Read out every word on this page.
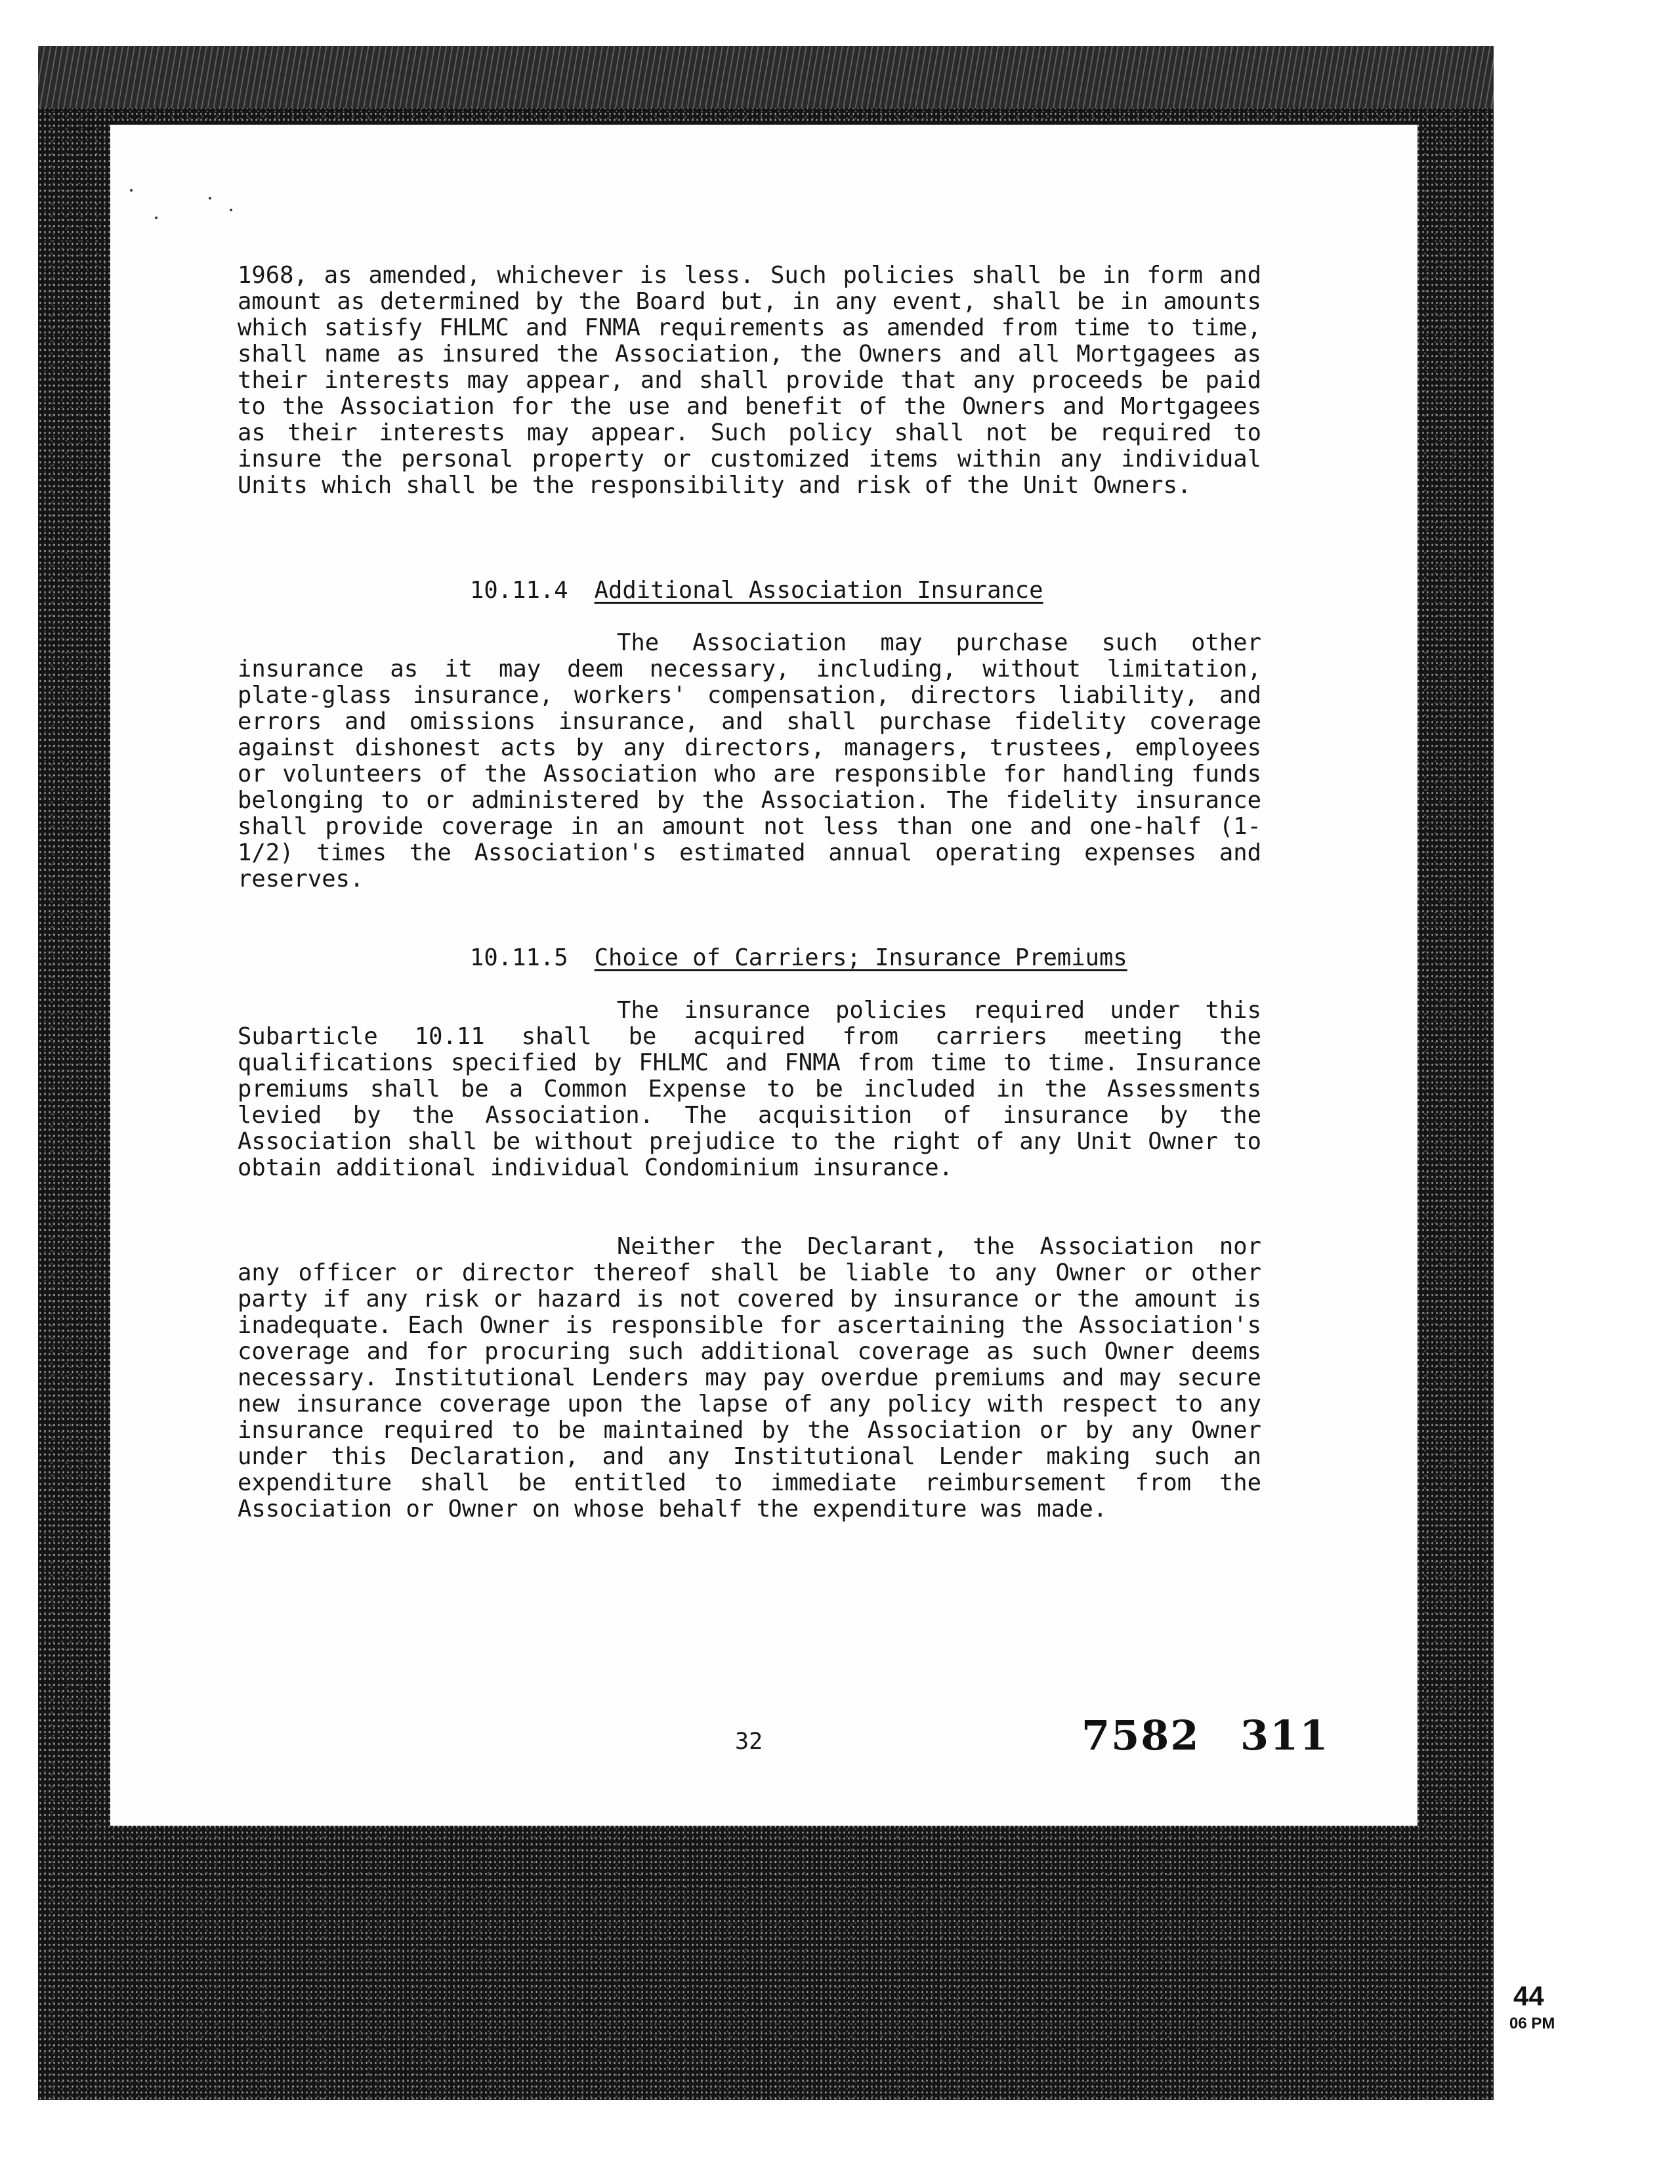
1968, as amended, whichever is less. Such policies shall be in form and amount as determined by the Board but, in any event, shall be in amounts which satisfy FHLMC and FNMA requirements as amended from time to time, shall name as insured the Association, the Owners and all Mortgagees as their interests may appear, and shall provide that any proceeds be paid to the Association for the use and benefit of the Owners and Mortgagees as their interests may appear. Such policy shall not be required to insure the personal property or customized items within any individual Units which shall be the responsibility and risk of the Unit Owners.
10.11.4 Additional Association Insurance
The Association may purchase such other insurance as it may deem necessary, including, without limitation, plate-glass insurance, workers' compensation, directors liability, and errors and omissions insurance, and shall purchase fidelity coverage against dishonest acts by any directors, managers, trustees, employees or volunteers of the Association who are responsible for handling funds belonging to or administered by the Association. The fidelity insurance shall provide coverage in an amount not less than one and one-half (1-1/2) times the Association's estimated annual operating expenses and reserves.
10.11.5 Choice of Carriers; Insurance Premiums
The insurance policies required under this Subarticle 10.11 shall be acquired from carriers meeting the qualifications specified by FHLMC and FNMA from time to time. Insurance premiums shall be a Common Expense to be included in the Assessments levied by the Association. The acquisition of insurance by the Association shall be without prejudice to the right of any Unit Owner to obtain additional individual Condominium insurance.
Neither the Declarant, the Association nor any officer or director thereof shall be liable to any Owner or other party if any risk or hazard is not covered by insurance or the amount is inadequate. Each Owner is responsible for ascertaining the Association's coverage and for procuring such additional coverage as such Owner deems necessary. Institutional Lenders may pay overdue premiums and may secure new insurance coverage upon the lapse of any policy with respect to any insurance required to be maintained by the Association or by any Owner under this Declaration, and any Institutional Lender making such an expenditure shall be entitled to immediate reimbursement from the Association or Owner on whose behalf the expenditure was made.
32	7582 311
44
06 PM
